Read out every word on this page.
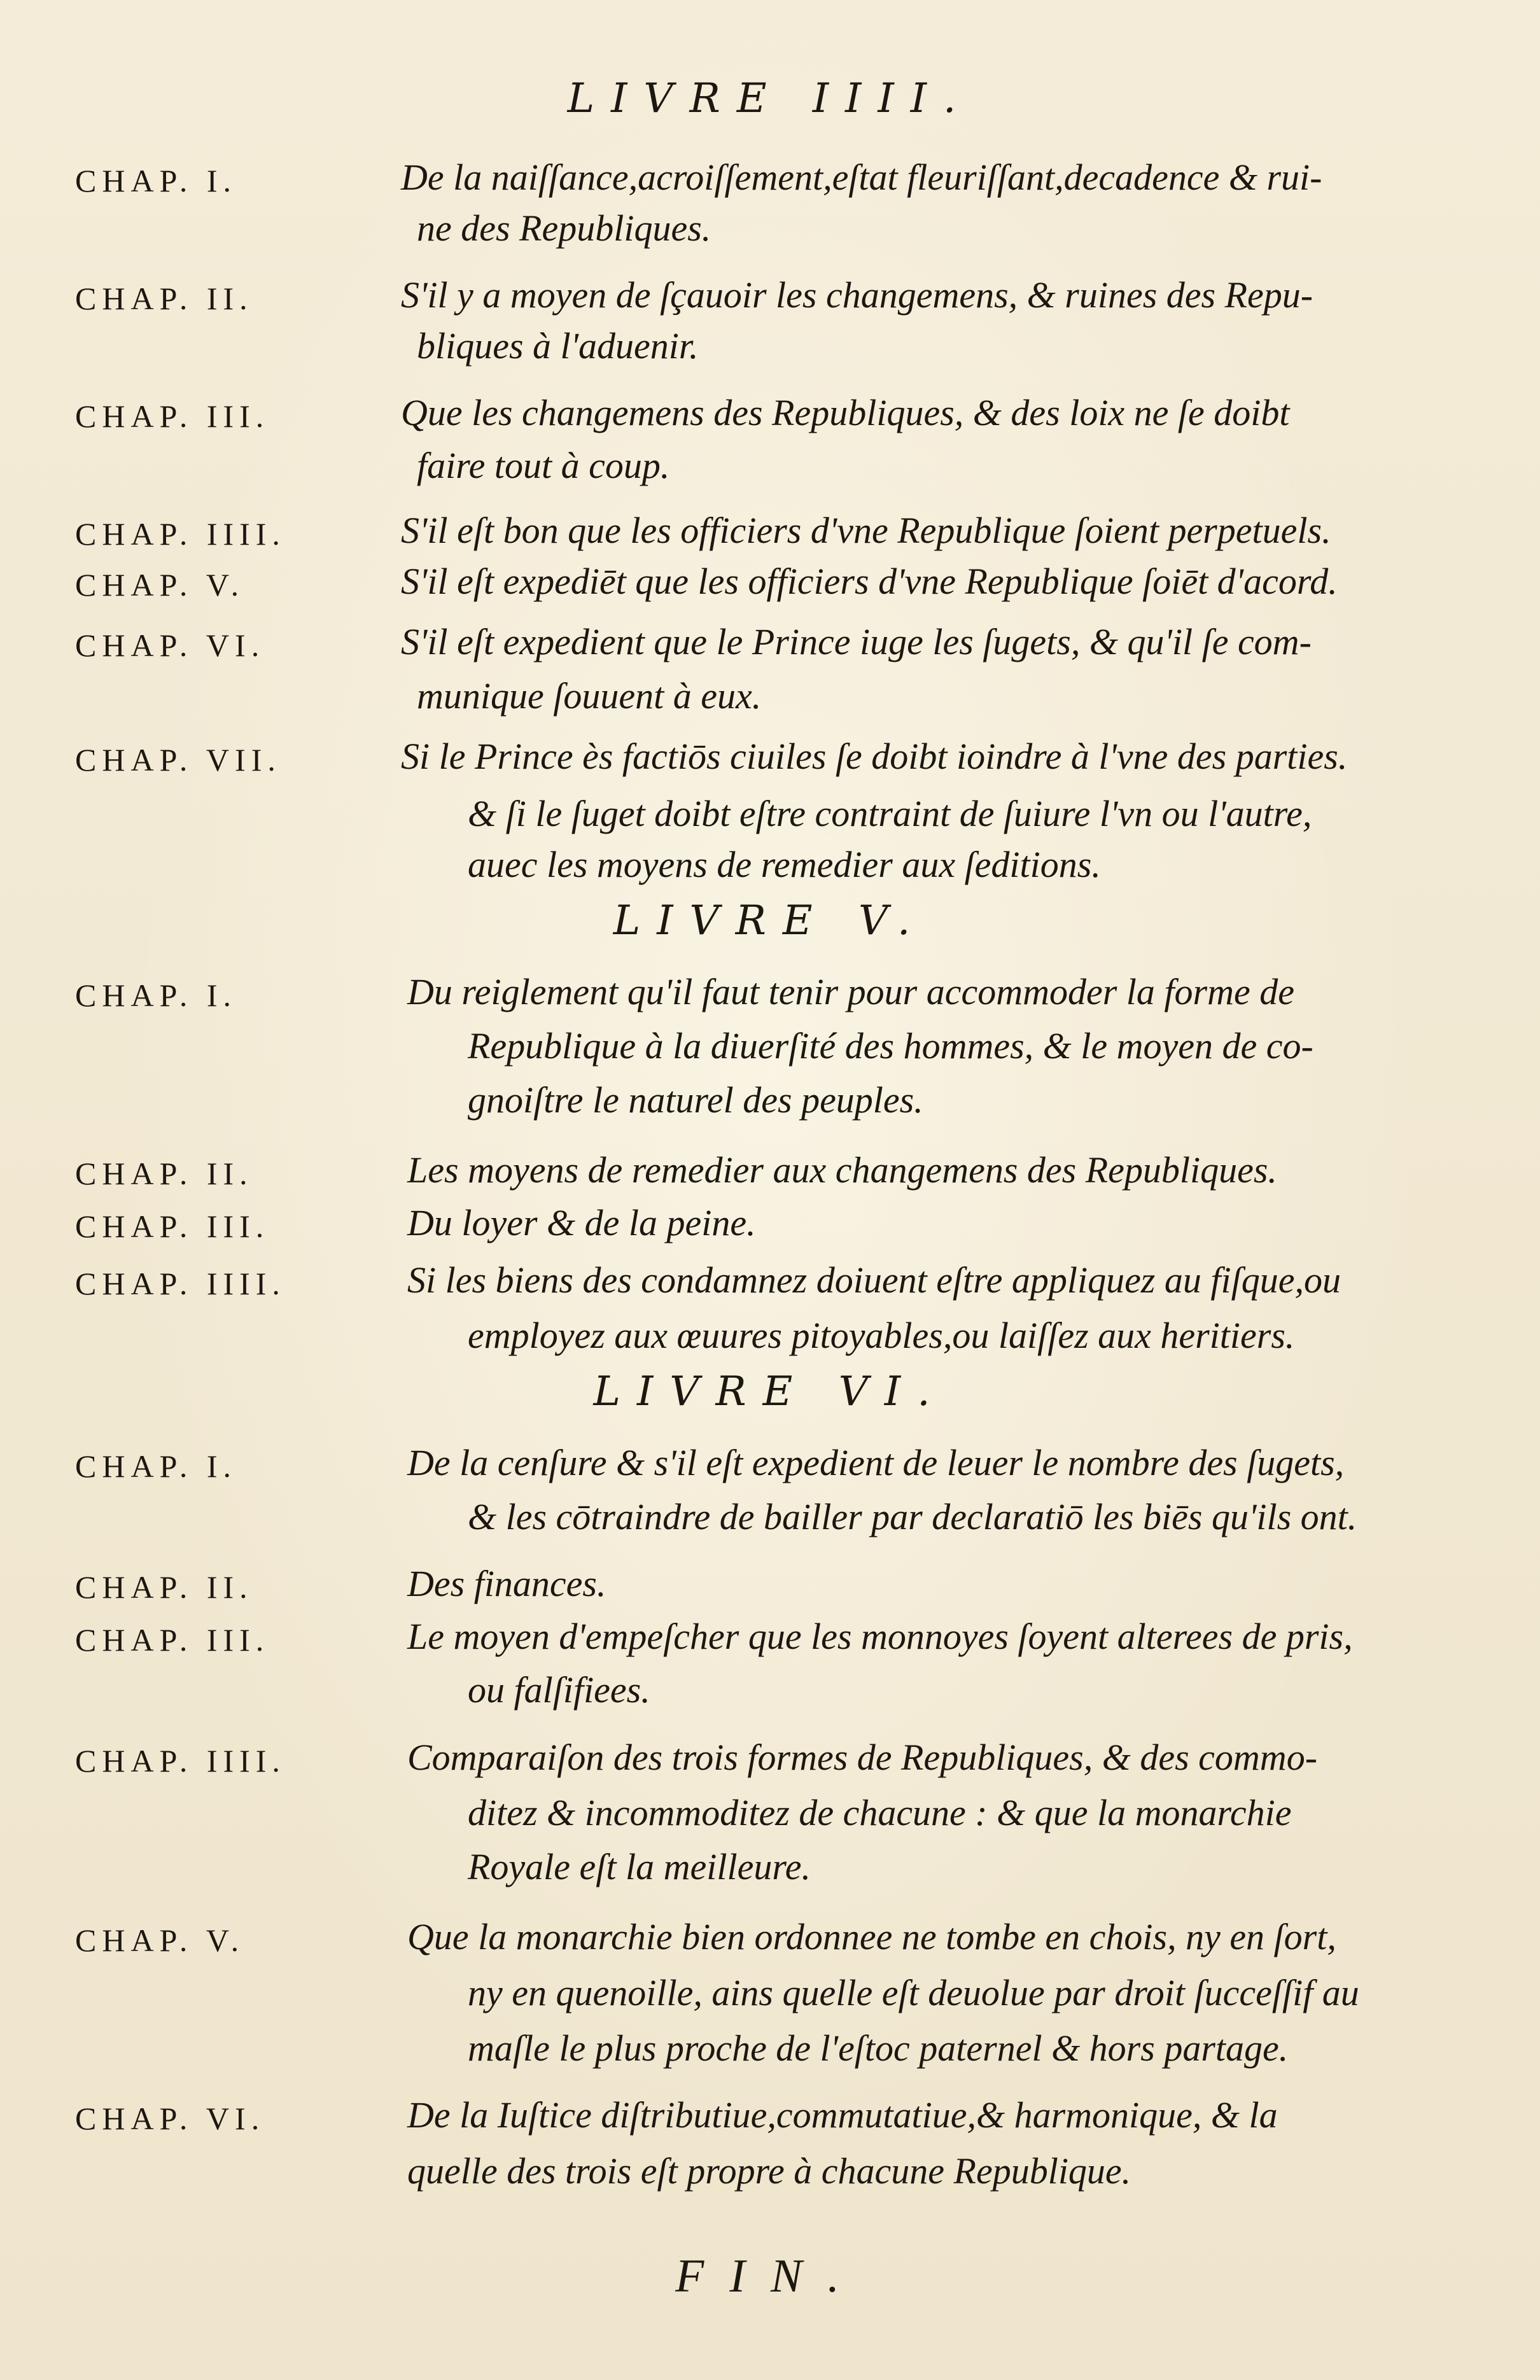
LIVRE IIII.
CHAP. I.	De la naiſſance,acroiſſement,eſtat fleuriſſant,decadence & rui-
ne des Republiques.
CHAP. II.	S'il y a moyen de ſçauoir les changemens, & ruines des Repu-
bliques à l'aduenir.
CHAP. III.	Que les changemens des Republiques, & des loix ne ſe doibt
faire tout à coup.
CHAP. IIII.	S'il eſt bon que les officiers d'vne Republique ſoient perpetuels.
CHAP. V.	S'il eſt expediēt que les officiers d'vne Republique ſoiēt d'acord.
CHAP. VI.	S'il eſt expedient que le Prince iuge les ſugets, & qu'il ſe com-
munique ſouuent à eux.
CHAP. VII.	Si le Prince ès factiōs ciuiles ſe doibt ioindre à l'vne des parties.
& ſi le ſuget doibt eſtre contraint de ſuiure l'vn ou l'autre,
auec les moyens de remedier aux ſeditions.
LIVRE V.
CHAP. I.	Du reiglement qu'il faut tenir pour accommoder la forme de
Republique à la diuerſité des hommes, & le moyen de co-
gnoiſtre le naturel des peuples.
CHAP. II.	Les moyens de remedier aux changemens des Republiques.
CHAP. III.	Du loyer & de la peine.
CHAP. IIII.	Si les biens des condamnez doiuent eſtre appliquez au fiſque,ou
employez aux œuures pitoyables,ou laiſſez aux heritiers.
LIVRE VI.
CHAP. I.	De la cenſure & s'il eſt expedient de leuer le nombre des ſugets,
& les cōtraindre de bailler par declaratiō les biēs qu'ils ont.
CHAP. II.	Des finances.
CHAP. III.	Le moyen d'empeſcher que les monnoyes ſoyent alterees de pris,
ou falſifiees.
CHAP. IIII.	Comparaiſon des trois formes de Republiques, & des commo-
ditez & incommoditez de chacune : & que la monarchie
Royale eſt la meilleure.
CHAP. V.	Que la monarchie bien ordonnee ne tombe en chois, ny en ſort,
ny en quenoille, ains quelle eſt deuolue par droit ſucceſſif au
maſle le plus proche de l'eſtoc paternel & hors partage.
CHAP. VI.	De la Iuſtice diſtributiue,commutatiue,& harmonique, & la
quelle des trois eſt propre à chacune Republique.
FIN.
